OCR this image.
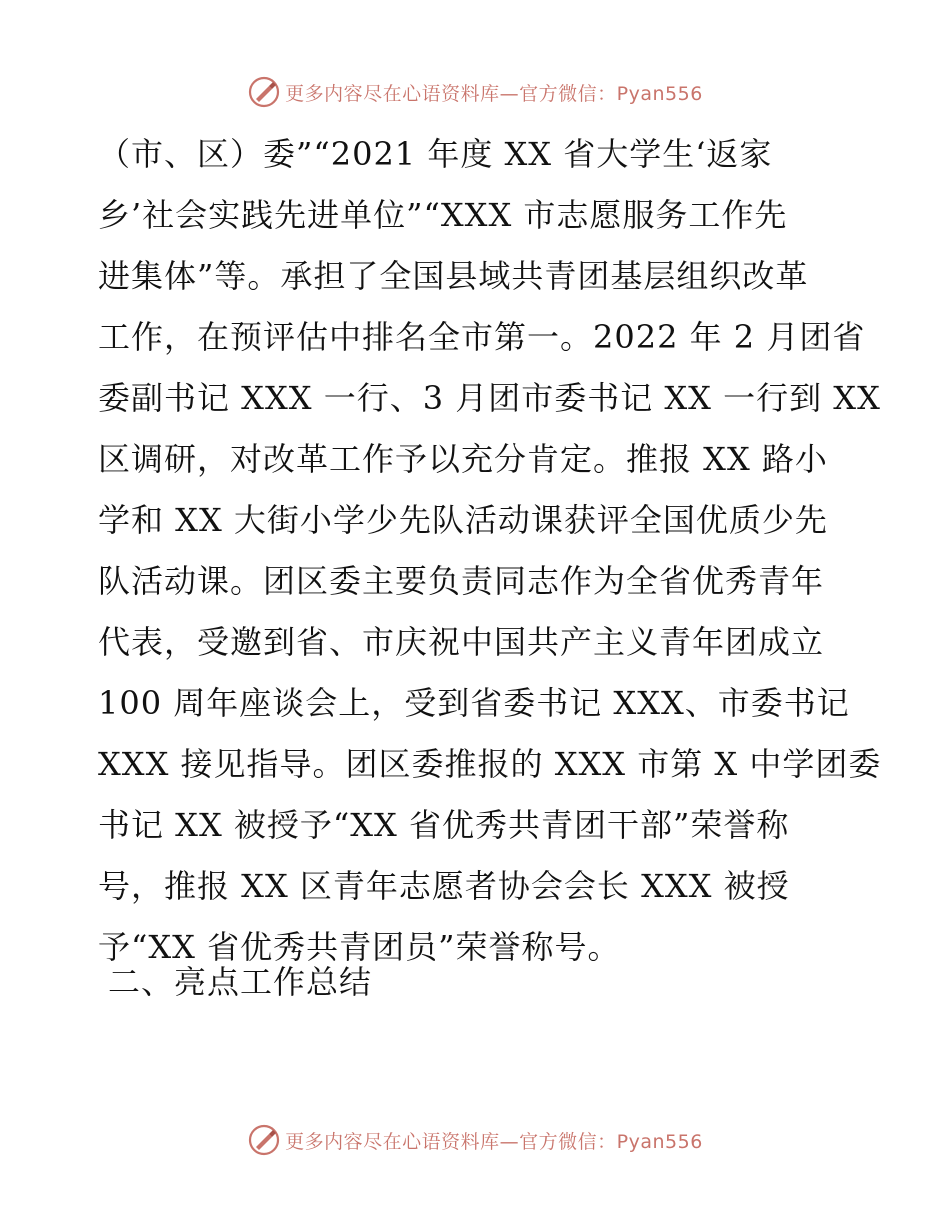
更多内容尽在心语资料库—官方微信：Pyan556
（市、区）委”“2021 年度 XX 省大学生‘返家
乡’社会实践先进单位”“XXX 市志愿服务工作先
进集体”等。承担了全国县域共青团基层组织改革
工作，在预评估中排名全市第一。2022 年 2 月团省
委副书记 XXX 一行、3 月团市委书记 XX 一行到 XX
区调研，对改革工作予以充分肯定。推报 XX 路小
学和 XX 大街小学少先队活动课获评全国优质少先
队活动课。团区委主要负责同志作为全省优秀青年
代表，受邀到省、市庆祝中国共产主义青年团成立
100 周年座谈会上，受到省委书记 XXX、市委书记
XXX 接见指导。团区委推报的 XXX 市第 X 中学团委
书记 XX 被授予“XX 省优秀共青团干部”荣誉称
号，推报 XX 区青年志愿者协会会长 XXX 被授
予“XX 省优秀共青团员”荣誉称号。
二、亮点工作总结
更多内容尽在心语资料库—官方微信：Pyan556
